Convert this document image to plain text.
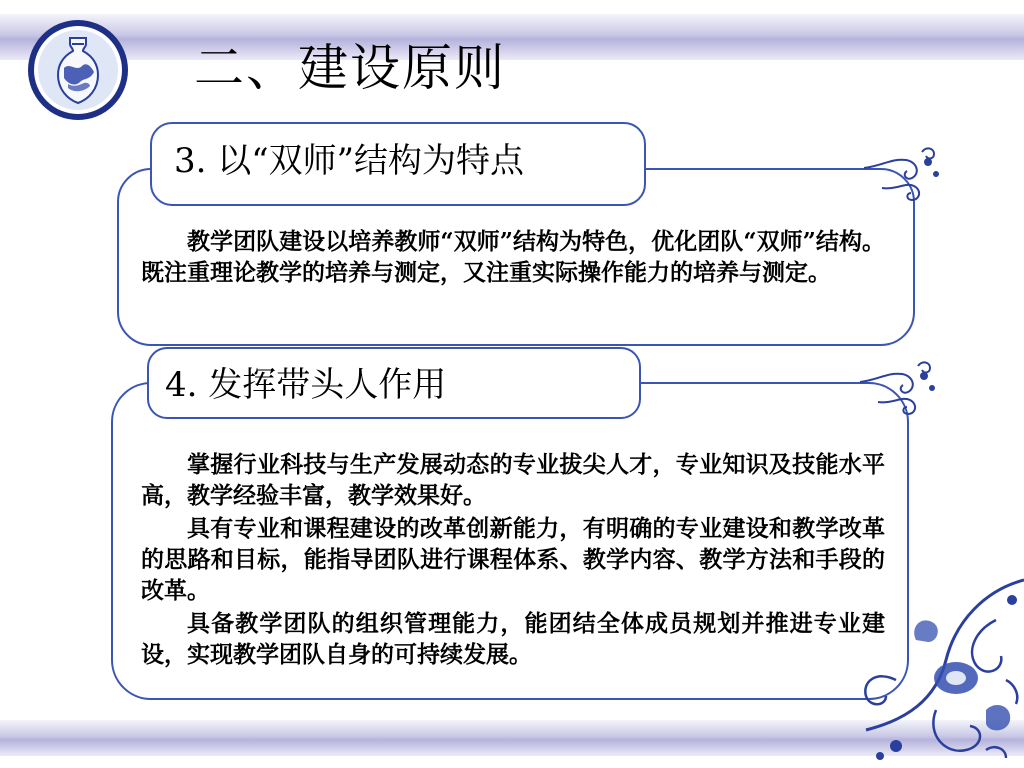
二、建设原则
3. 以“双师”结构为特点

教学团队建设以培养教师“双师”结构为特色，优化团队“双师”结构。既注重理论教学的培养与测定，又注重实际操作能力的培养与测定。

4. 发挥带头人作用
掌握行业科技与生产发展动态的专业拔尖人才，专业知识及技能水平高，教学经验丰富，教学效果好。
具有专业和课程建设的改革创新能力，有明确的专业建设和教学改革的思路和目标，能指导团队进行课程体系、教学内容、教学方法和手段的改革。
具备教学团队的组织管理能力，能团结全体成员规划并推进专业建设，实现教学团队自身的可持续发展。
